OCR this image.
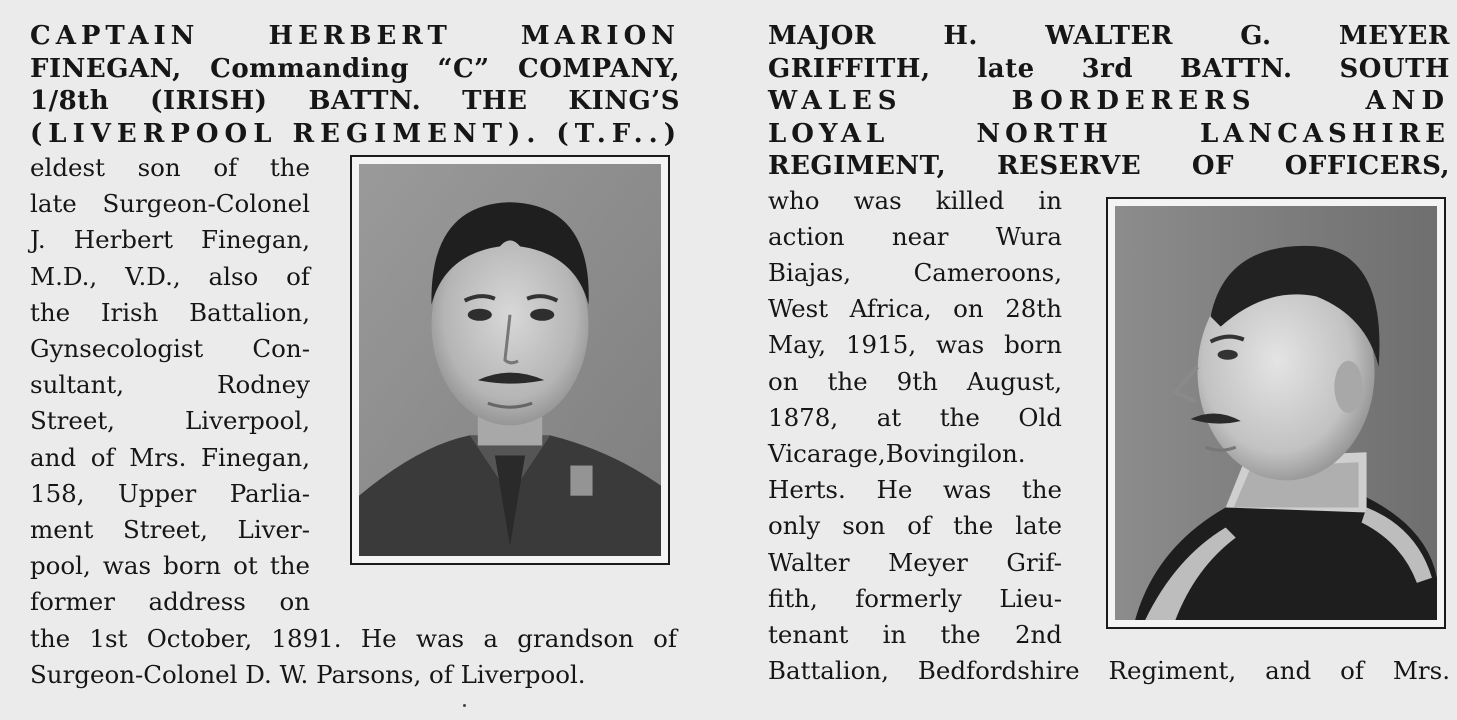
CAPTAIN HERBERT MARION
FINEGAN, Commanding “C” COMPANY,
1/8th (IRISH) BATTN. THE KING’S
(LIVERPOOL REGIMENT). (T.F..)
eldest son of the
late Surgeon-Colonel
J. Herbert Finegan,
M.D., V.D., also of
the Irish Battalion,
Gynsecologist Con-
sultant, Rodney
Street, Liverpool,
and of Mrs. Finegan,
158, Upper Parlia-
ment Street, Liver-
pool, was born ot the
former address on
the 1st October, 1891. He was a grandson of
Surgeon-Colonel D. W. Parsons, of Liverpool.
MAJOR H. WALTER G. MEYER
GRIFFITH, late 3rd BATTN. SOUTH
WALES BORDERERS AND
LOYAL NORTH LANCASHIRE
REGIMENT, RESERVE OF OFFICERS,
who was killed in
action near Wura
Biajas, Cameroons,
West Africa, on 28th
May, 1915, was born
on the 9th August,
1878, at the Old
Vicarage,Bovingilon.
Herts. He was the
only son of the late
Walter Meyer Grif-
fith, formerly Lieu-
tenant in the 2nd
Battalion, Bedfordshire Regiment, and of Mrs.
